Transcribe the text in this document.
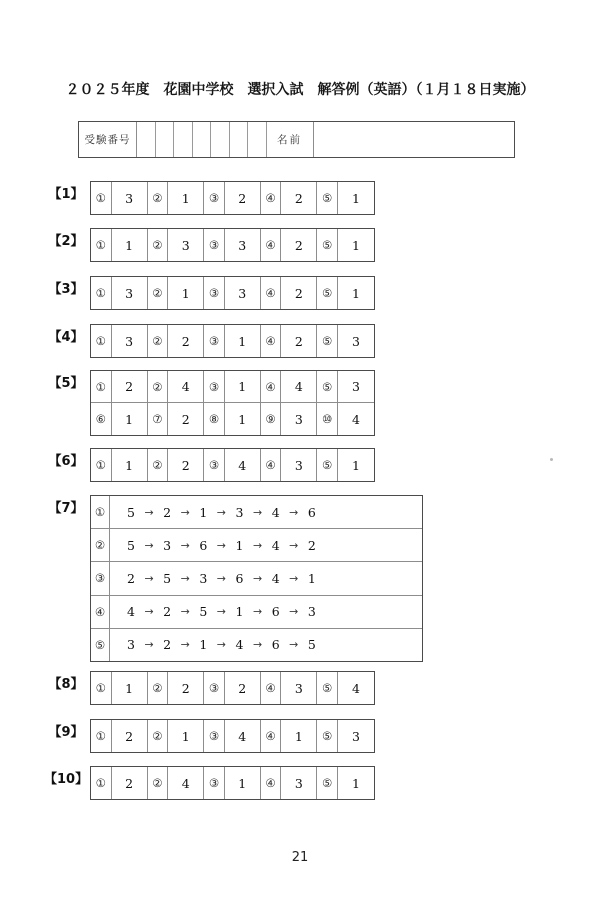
２０２５年度　花園中学校　選択入試　解答例（英語）（１月１８日実施）
受験番号	名前
【1】	①	3	②	1	③	2	④	2	⑤	1
【2】	①	1	②	3	③	3	④	2	⑤	1
【3】	①	3	②	1	③	3	④	2	⑤	1
【4】	①	3	②	2	③	1	④	2	⑤	3
【5】	①	2	②	4	③	1	④	4	⑤	3
⑥	1	⑦	2	⑧	1	⑨	3	⑩	4
【6】	①	1	②	2	③	4	④	3	⑤	1
【7】 ①	5 → 2 → 1 → 3 → 4 → 6
②	5 → 3 → 6 → 1 → 4 → 2
③	2 → 5 → 3 → 6 → 4 → 1
④	4 → 2 → 5 → 1 → 6 → 3
⑤	3 → 2 → 1 → 4 → 6 → 5
【8】	①	1	②	2	③	2	④	3	⑤	4
【9】	①	2	②	1	③	4	④	1	⑤	3
【10】 ①	2	②	4	③	1	④	3	⑤	1
21
